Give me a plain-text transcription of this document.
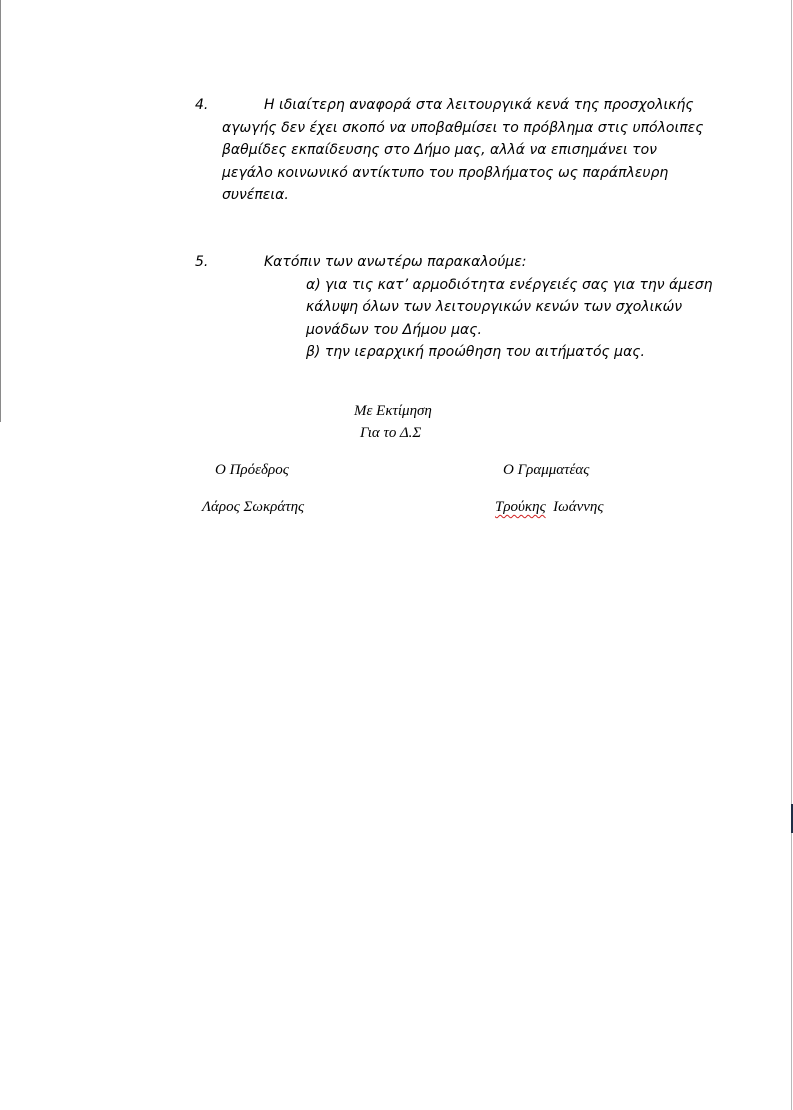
4.	Η ιδιαίτερη αναφορά στα λειτουργικά κενά της προσχολικής
αγωγής δεν έχει σκοπό να υποβαθμίσει το πρόβλημα στις υπόλοιπες
βαθμίδες εκπαίδευσης στο Δήμο μας, αλλά να επισημάνει τον
μεγάλο κοινωνικό αντίκτυπο του προβλήματος ως παράπλευρη
συνέπεια.
5.	Κατόπιν των ανωτέρω παρακαλούμε:
α) για τις κατ’ αρμοδιότητα ενέργειές σας για την άμεση
κάλυψη όλων των λειτουργικών κενών των σχολικών
μονάδων του Δήμου μας.
β) την ιεραρχική προώθηση του αιτήματός μας.
Με Εκτίμηση
Για το Δ.Σ
Ο Πρόεδρος	Ο Γραμματέας
Λάρος Σωκράτης	Τρούκης Ιωάννης
